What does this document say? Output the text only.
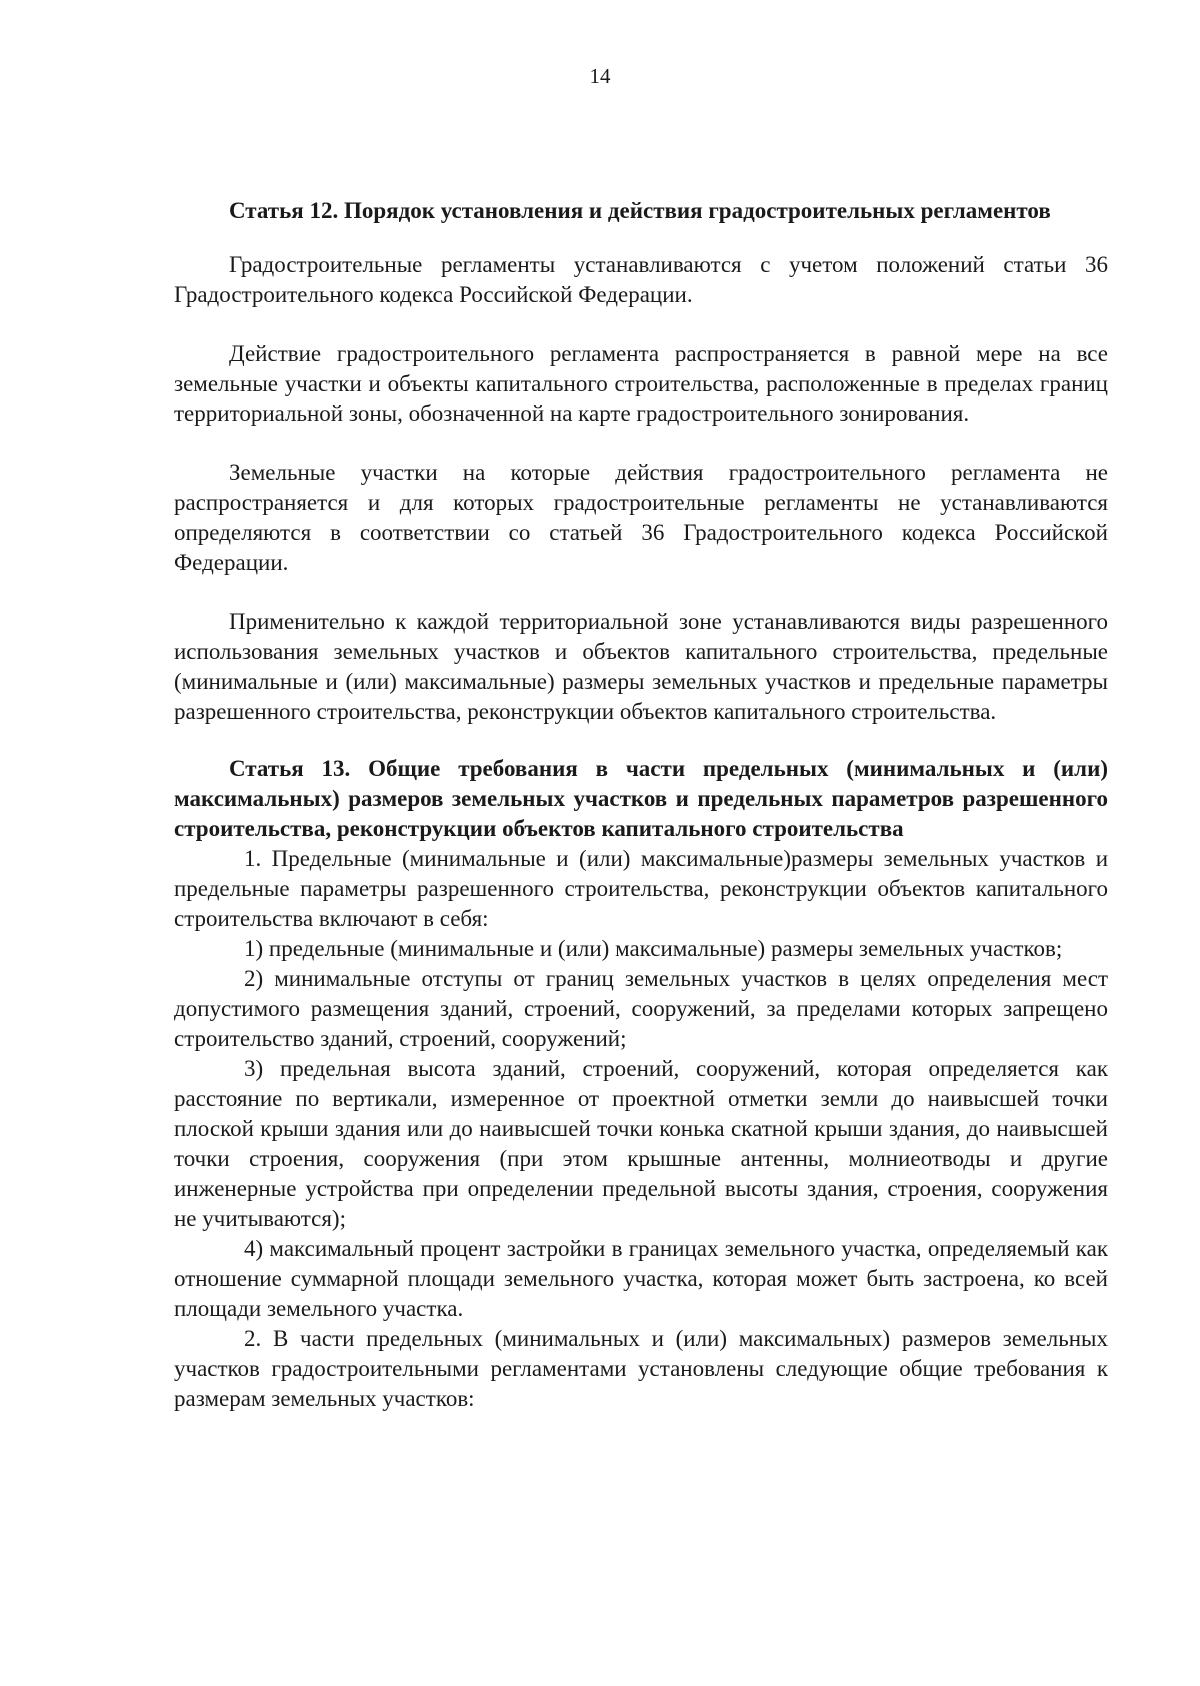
14

Статья 12. Порядок установления и действия градостроительных регламентов

Градостроительные регламенты устанавливаются с учетом положений статьи 36 Градостроительного кодекса Российской Федерации.

Действие градостроительного регламента распространяется в равной мере на все земельные участки и объекты капитального строительства, расположенные в пределах границ территориальной зоны, обозначенной на карте градостроительного зонирования.

Земельные участки на которые действия градостроительного регламента не распространяется и для которых градостроительные регламенты не устанавливаются определяются в соответствии со статьей 36 Градостроительного кодекса Российской Федерации.

Применительно к каждой территориальной зоне устанавливаются виды разрешенного использования земельных участков и объектов капитального строительства, предельные (минимальные и (или) максимальные) размеры земельных участков и предельные параметры разрешенного строительства, реконструкции объектов капитального строительства.

Статья 13. Общие требования в части предельных (минимальных и (или) максимальных) размеров земельных участков и предельных параметров разрешенного строительства, реконструкции объектов капитального строительства

1. Предельные (минимальные и (или) максимальные)размеры земельных участков и предельные параметры разрешенного строительства, реконструкции объектов капитального строительства включают в себя:

1) предельные (минимальные и (или) максимальные) размеры земельных участков;

2) минимальные отступы от границ земельных участков в целях определения мест допустимого размещения зданий, строений, сооружений, за пределами которых запрещено строительство зданий, строений, сооружений;

3) предельная высота зданий, строений, сооружений, которая определяется как расстояние по вертикали, измеренное от проектной отметки земли до наивысшей точки плоской крыши здания или до наивысшей точки конька скатной крыши здания, до наивысшей точки строения, сооружения (при этом крышные антенны, молниеотводы и другие инженерные устройства при определении предельной высоты здания, строения, сооружения не учитываются);

4) максимальный процент застройки в границах земельного участка, определяемый как отношение суммарной площади земельного участка, которая может быть застроена, ко всей площади земельного участка.

2. В части предельных (минимальных и (или) максимальных) размеров земельных участков градостроительными регламентами установлены следующие общие требования к размерам земельных участков:
